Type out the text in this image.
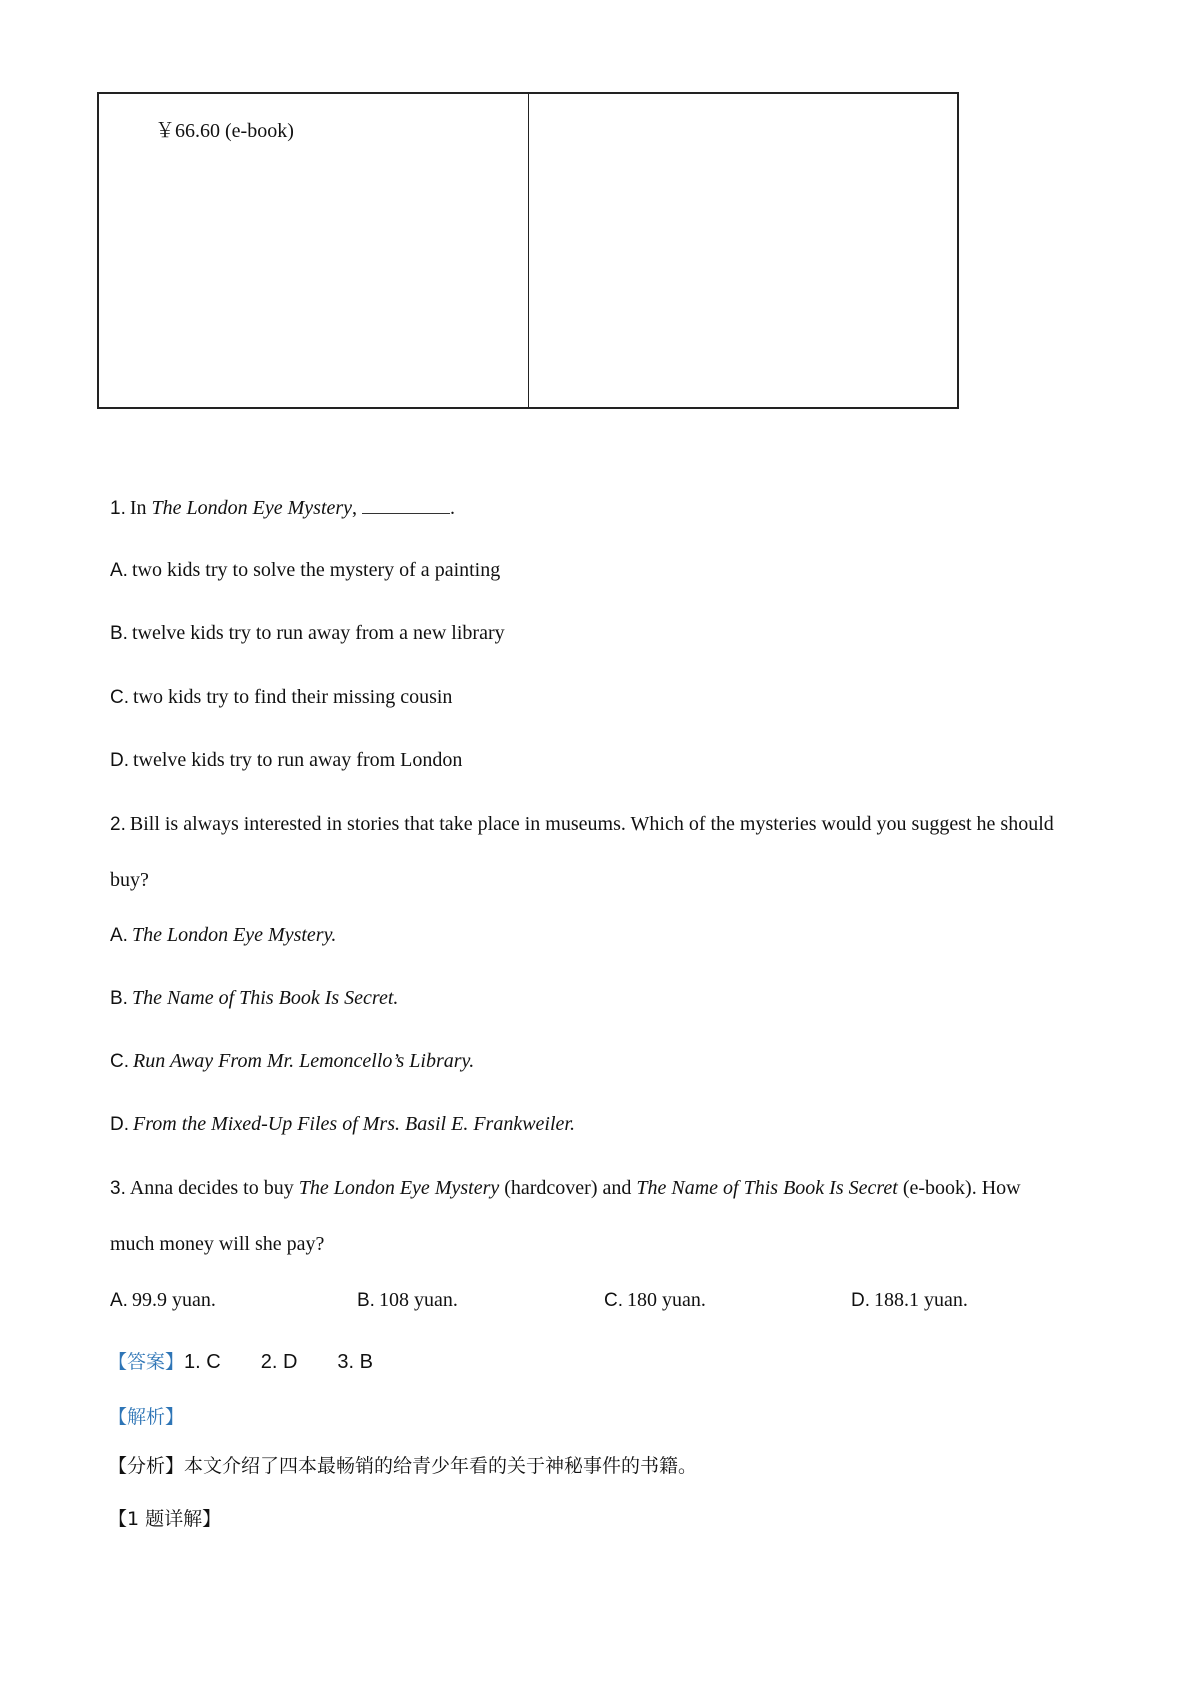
￥66.60 (e-book)
1. In The London Eye Mystery,	.
A. two kids try to solve the mystery of a painting
B. twelve kids try to run away from a new library
C. two kids try to find their missing cousin
D. twelve kids try to run away from London
2. Bill is always interested in stories that take place in museums. Which of the mysteries would you suggest he should
buy?
A. The London Eye Mystery.
B. The Name of This Book Is Secret.
C. Run Away From Mr. Lemoncello’s Library.
D. From the Mixed-Up Files of Mrs. Basil E. Frankweiler.
3. Anna decides to buy The London Eye Mystery (hardcover) and The Name of This Book Is Secret (e-book). How
much money will she pay?
A. 99.9 yuan.	B. 108 yuan.	C. 180 yuan.	D. 188.1 yuan.
【答案】1. C 2. D 3. B
【解析】
【分析】本文介绍了四本最畅销的给青少年看的关于神秘事件的书籍。
【1 题详解】
